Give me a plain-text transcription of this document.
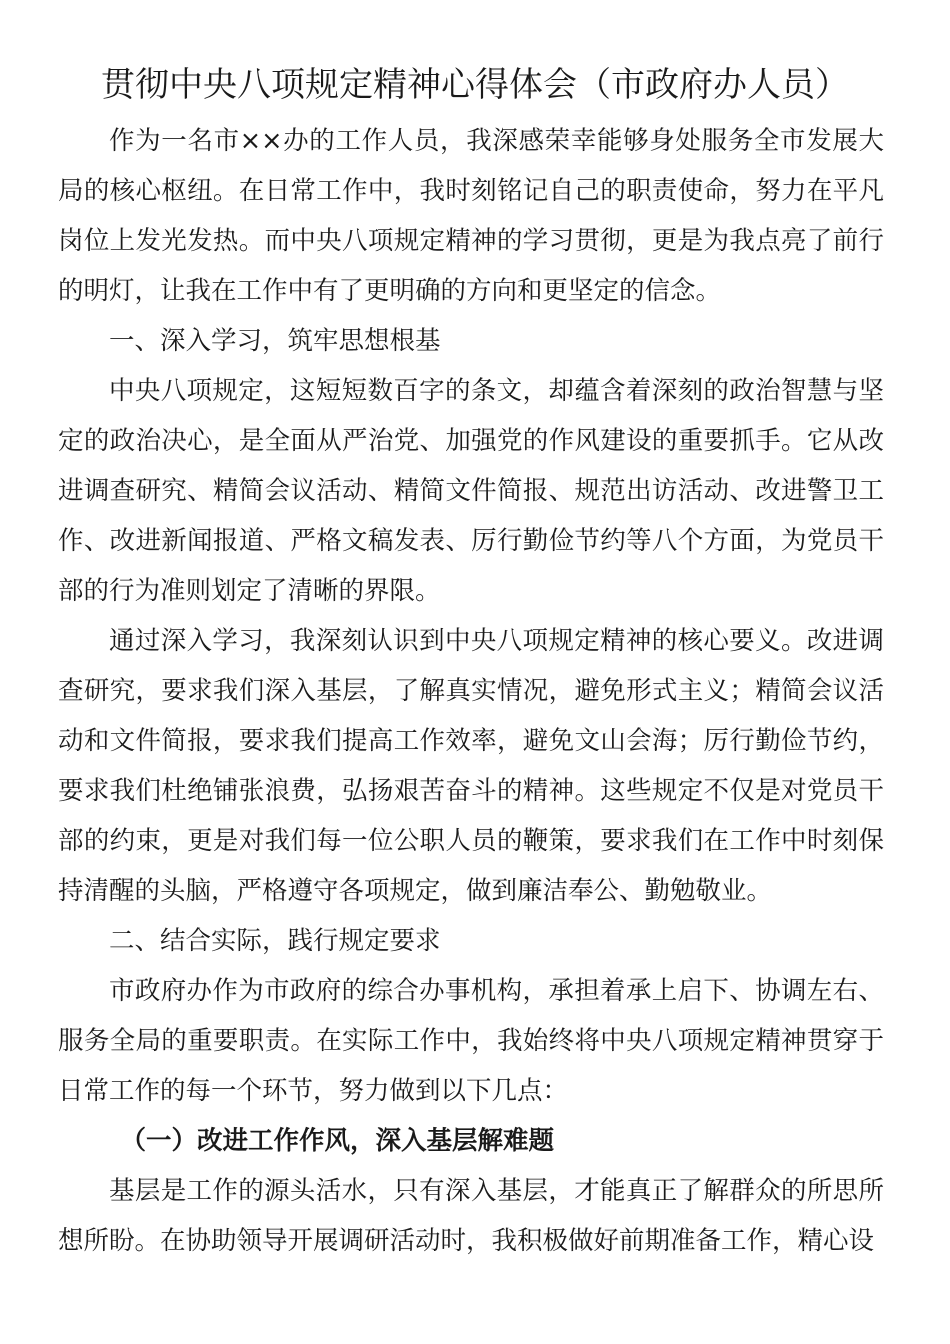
贯彻中央八项规定精神心得体会（市政府办人员）

作为一名市××办的工作人员，我深感荣幸能够身处服务全市发展大局的核心枢纽。在日常工作中，我时刻铭记自己的职责使命，努力在平凡岗位上发光发热。而中央八项规定精神的学习贯彻，更是为我点亮了前行的明灯，让我在工作中有了更明确的方向和更坚定的信念。

一、深入学习，筑牢思想根基

中央八项规定，这短短数百字的条文，却蕴含着深刻的政治智慧与坚定的政治决心，是全面从严治党、加强党的作风建设的重要抓手。它从改进调查研究、精简会议活动、精简文件简报、规范出访活动、改进警卫工作、改进新闻报道、严格文稿发表、厉行勤俭节约等八个方面，为党员干部的行为准则划定了清晰的界限。

通过深入学习，我深刻认识到中央八项规定精神的核心要义。改进调查研究，要求我们深入基层，了解真实情况，避免形式主义；精简会议活动和文件简报，要求我们提高工作效率，避免文山会海；厉行勤俭节约，要求我们杜绝铺张浪费，弘扬艰苦奋斗的精神。这些规定不仅是对党员干部的约束，更是对我们每一位公职人员的鞭策，要求我们在工作中时刻保持清醒的头脑，严格遵守各项规定，做到廉洁奉公、勤勉敬业。

二、结合实际，践行规定要求

市政府办作为市政府的综合办事机构，承担着承上启下、协调左右、服务全局的重要职责。在实际工作中，我始终将中央八项规定精神贯穿于日常工作的每一个环节，努力做到以下几点：

（一）改进工作作风，深入基层解难题

基层是工作的源头活水，只有深入基层，才能真正了解群众的所思所想所盼。在协助领导开展调研活动时，我积极做好前期准备工作，精心设
